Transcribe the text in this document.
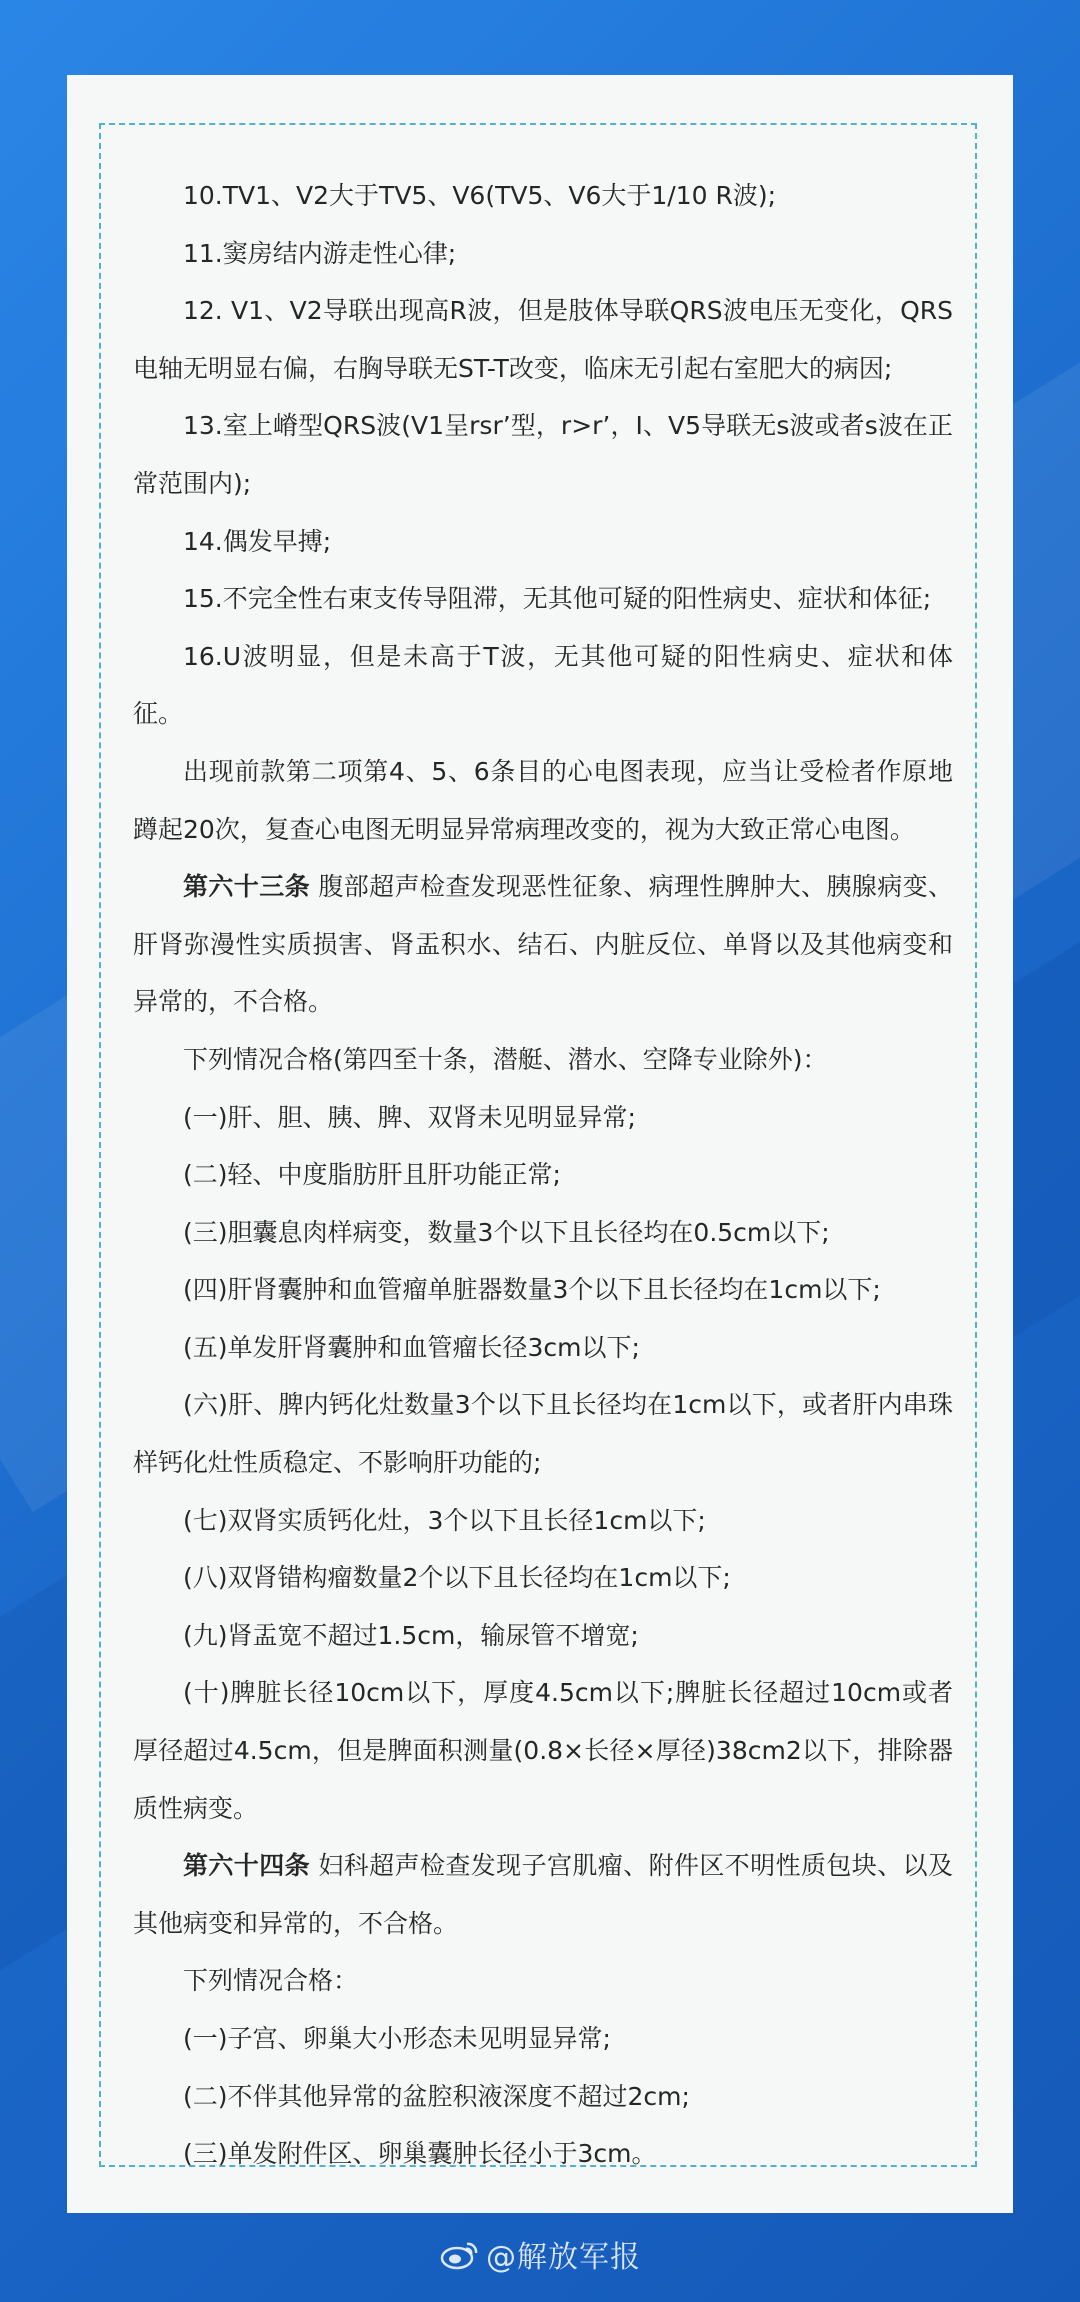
10.TV1、V2大于TV5、V6(TV5、V6大于1/10 R波);

11.窦房结内游走性心律;

12. V1、V2导联出现高R波，但是肢体导联QRS波电压无变化，QRS电轴无明显右偏，右胸导联无ST-T改变，临床无引起右室肥大的病因;

13.室上嵴型QRS波(V1呈rsr’型，r>r’，I、V5导联无s波或者s波在正常范围内);

14.偶发早搏;

15.不完全性右束支传导阻滞，无其他可疑的阳性病史、症状和体征;

16.U波明显，但是未高于T波，无其他可疑的阳性病史、症状和体征。

出现前款第二项第4、5、6条目的心电图表现，应当让受检者作原地蹲起20次，复查心电图无明显异常病理改变的，视为大致正常心电图。

第六十三条 腹部超声检查发现恶性征象、病理性脾肿大、胰腺病变、肝肾弥漫性实质损害、肾盂积水、结石、内脏反位、单肾以及其他病变和异常的，不合格。

下列情况合格(第四至十条，潜艇、潜水、空降专业除外)：

(一)肝、胆、胰、脾、双肾未见明显异常;

(二)轻、中度脂肪肝且肝功能正常;

(三)胆囊息肉样病变，数量3个以下且长径均在0.5cm以下;

(四)肝肾囊肿和血管瘤单脏器数量3个以下且长径均在1cm以下;

(五)单发肝肾囊肿和血管瘤长径3cm以下;

(六)肝、脾内钙化灶数量3个以下且长径均在1cm以下，或者肝内串珠样钙化灶性质稳定、不影响肝功能的;

(七)双肾实质钙化灶，3个以下且长径1cm以下;

(八)双肾错构瘤数量2个以下且长径均在1cm以下;

(九)肾盂宽不超过1.5cm，输尿管不增宽;

(十)脾脏长径10cm以下，厚度4.5cm以下;脾脏长径超过10cm或者厚径超过4.5cm，但是脾面积测量(0.8×长径×厚径)38cm2以下，排除器质性病变。

第六十四条 妇科超声检查发现子宫肌瘤、附件区不明性质包块、以及其他病变和异常的，不合格。

下列情况合格：

(一)子宫、卵巢大小形态未见明显异常;

(二)不伴其他异常的盆腔积液深度不超过2cm;

(三)单发附件区、卵巢囊肿长径小于3cm。

@解放军报
